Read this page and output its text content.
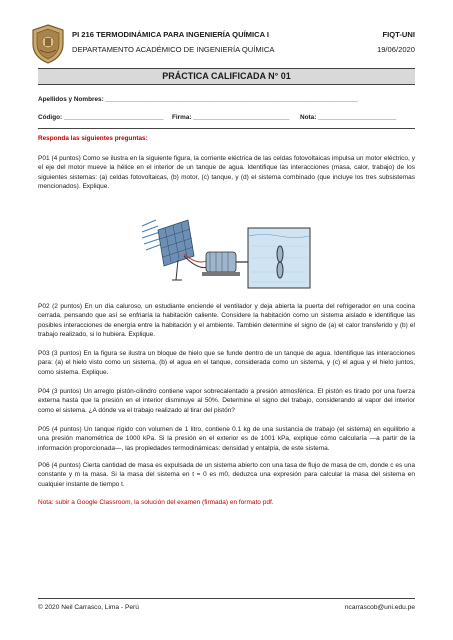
PI 216 TERMODINÁMICA PARA INGENIERÍA QUÍMICA I	FIQT-UNI
DEPARTAMENTO ACADÉMICO DE INGENIERÍA QUÍMICA	19/06/2020
PRÁCTICA CALIFICADA N° 01
Apellidos y Nombres: _______________________________________________________________________
Código: ____________________________ Firma: ___________________________ Nota: ______________________
Responda las siguientes preguntas:
P01 (4 puntos) Como se ilustra en la siguiente figura, la corriente eléctrica de las celdas fotovoltaicas impulsa un motor eléctrico, y el eje del motor mueve la hélice en el interior de un tanque de agua. Identifique las interacciones (masa, calor, trabajo) de los siguientes sistemas: (a) celdas fotovoltaicas, (b) motor, (c) tanque, y (d) el sistema combinado (que incluye los tres subsistemas mencionados). Explique.
P02 (2 puntos) En un día caluroso, un estudiante enciende el ventilador y deja abierta la puerta del refrigerador en una cocina cerrada, pensando que así se enfriaría la habitación caliente. Considere la habitación como un sistema aislado e identifique las posibles interacciones de energía entre la habitación y el ambiente. También determine el signo de (a) el calor transferido y (b) el trabajo realizado, si lo hubiera. Explique.
P03 (3 puntos) En la figura se ilustra un bloque de hielo que se funde dentro de un tanque de agua. Identifique las interacciones para: (a) el hielo visto como un sistema, (b) el agua en el tanque, considerada como un sistema, y (c) el agua y el hielo juntos, como sistema. Explique.
P04 (3 puntos) Un arreglo pistón-cilindro contiene vapor sobrecalentado a presión atmosférica. El pistón es tirado por una fuerza externa hasta que la presión en el interior disminuye al 50%. Determine el signo del trabajo, considerando al vapor del interior como el sistema. ¿A dónde va el trabajo realizado al tirar del pistón?
P05 (4 puntos) Un tanque rígido con volumen de 1 litro, contiene 0.1 kg de una sustancia de trabajo (el sistema) en equilibrio a una presión manométrica de 1000 kPa. Si la presión en el exterior es de 1001 kPa, explique cómo calcularía —a partir de la información proporcionada—, las propiedades termodinámicas: densidad y entalpía, de este sistema.
P06 (4 puntos) Cierta cantidad de masa es expulsada de un sistema abierto con una tasa de flujo de masa de cm, donde c es una constante y m la masa. Si la masa del sistema en t = 0 es m0, deduzca una expresión para calcular la masa del sistema en cualquier instante de tiempo t.
Nota: subir a Google Classroom, la solución del examen (firmada) en formato pdf.
© 2020 Neil Carrasco, Lima - Perú	ncarrascob@uni.edu.pe
